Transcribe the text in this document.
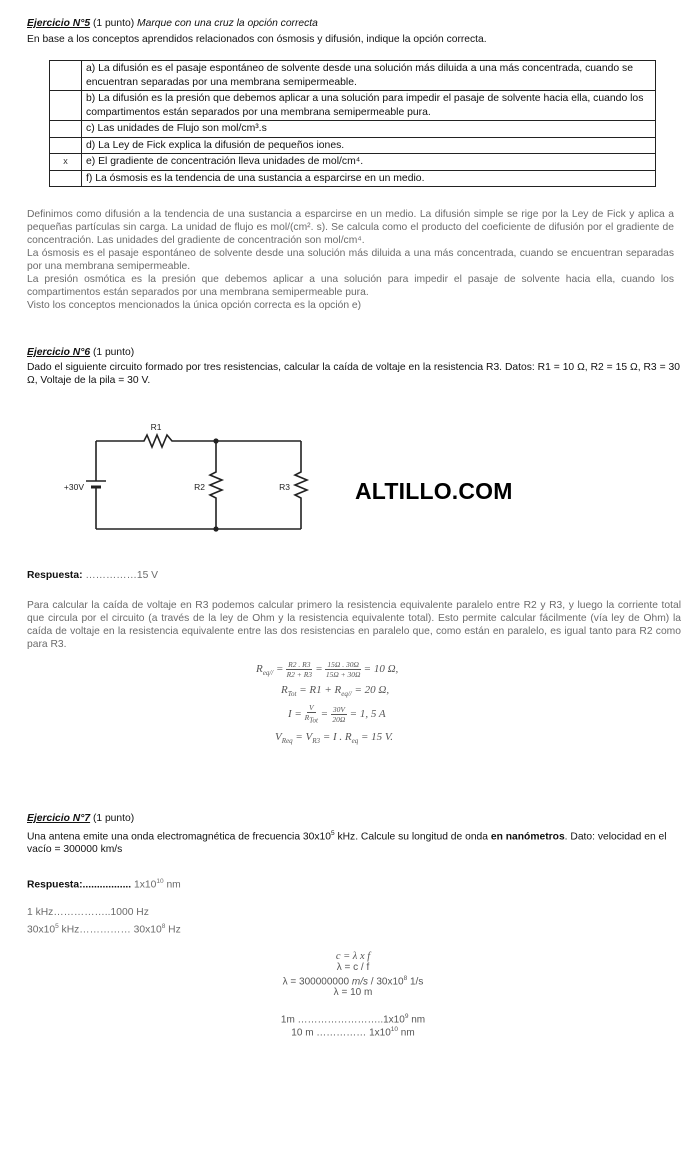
Ejercicio N°5 (1 punto) Marque con una cruz la opción correcta
En base a los conceptos aprendidos relacionados con ósmosis y difusión, indique la opción correcta.
	a) La difusión es el pasaje espontáneo de solvente desde una solución más diluida a una más concentrada, cuando se encuentran separadas por una membrana semipermeable.
	b) La difusión es la presión que debemos aplicar a una solución para impedir el pasaje de solvente hacia ella, cuando los compartimentos están separados por una membrana semipermeable pura.
	c) Las unidades de Flujo son mol/cm³.s
	d) La Ley de Fick explica la difusión de pequeños iones.
x	e) El gradiente de concentración lleva unidades de mol/cm⁴.
	f) La ósmosis es la tendencia de una sustancia a esparcirse en un medio.
Definimos como difusión a la tendencia de una sustancia a esparcirse en un medio. La difusión simple se rige por la Ley de Fick y aplica a pequeñas partículas sin carga. La unidad de flujo es mol/(cm². s). Se calcula como el producto del coeficiente de difusión por el gradiente de concentración. Las unidades del gradiente de concentración son mol/cm⁴.
La ósmosis es el pasaje espontáneo de solvente desde una solución más diluida a una más concentrada, cuando se encuentran separadas por una membrana semipermeable.
La presión osmótica es la presión que debemos aplicar a una solución para impedir el pasaje de solvente hacia ella, cuando los compartimentos están separados por una membrana semipermeable pura.
Visto los conceptos mencionados la única opción correcta es la opción e)
Ejercicio N°6 (1 punto)
Dado el siguiente circuito formado por tres resistencias, calcular la caída de voltaje en la resistencia R3. Datos: R1 = 10 Ω, R2 = 15 Ω, R3 = 30 Ω, Voltaje de la pila = 30 V.
R1
R2	R3
+30V	ALTILLO.COM
Respuesta: ……………15 V
Para calcular la caída de voltaje en R3 podemos calcular primero la resistencia equivalente paralelo entre R2 y R3, y luego la corriente total que circula por el circuito (a través de la ley de Ohm y la resistencia equivalente total). Esto permite calcular fácilmente (vía ley de Ohm) la caída de voltaje en la resistencia equivalente entre las dos resistencias en paralelo que, como están en paralelo, es igual tanto para R2 como para R3.
$R_{eq//} = \frac{R2 . R3}{R2 + R3} = \frac{15\Omega . 30\Omega}{15\Omega + 30\Omega} = 10$ Ω,
$R_{Tot} = R1 + R_{eq//} = 20$ Ω,
$I = \frac{V}{R_{Tot}} = \frac{30V}{20\Omega} = 1$, 5 A
$V_{Req} = V_{R3} = I$ . $R_{eq} = 15$ V.
Ejercicio N°7 (1 punto)
Una antena emite una onda electromagnética de frecuencia $30x10^5$ kHz. Calcule su longitud de onda en nanómetros. Dato: velocidad en el vacío = 300000 km/s
Respuesta:................. $1x10^{10}$ nm
1 kHz……………..1000 Hz
$30x10^5$ kHz…………… $30x10^8$ Hz
c = λ x f
λ = c / f
λ = 300000000 $m/s / 30x10^8$ 1/s
λ = 10 m
1m $\dots\dots\dots\dots\dots\dots\dots\dots..1x10^9$ nm
10 m …………… $1x10^{10}$ nm
